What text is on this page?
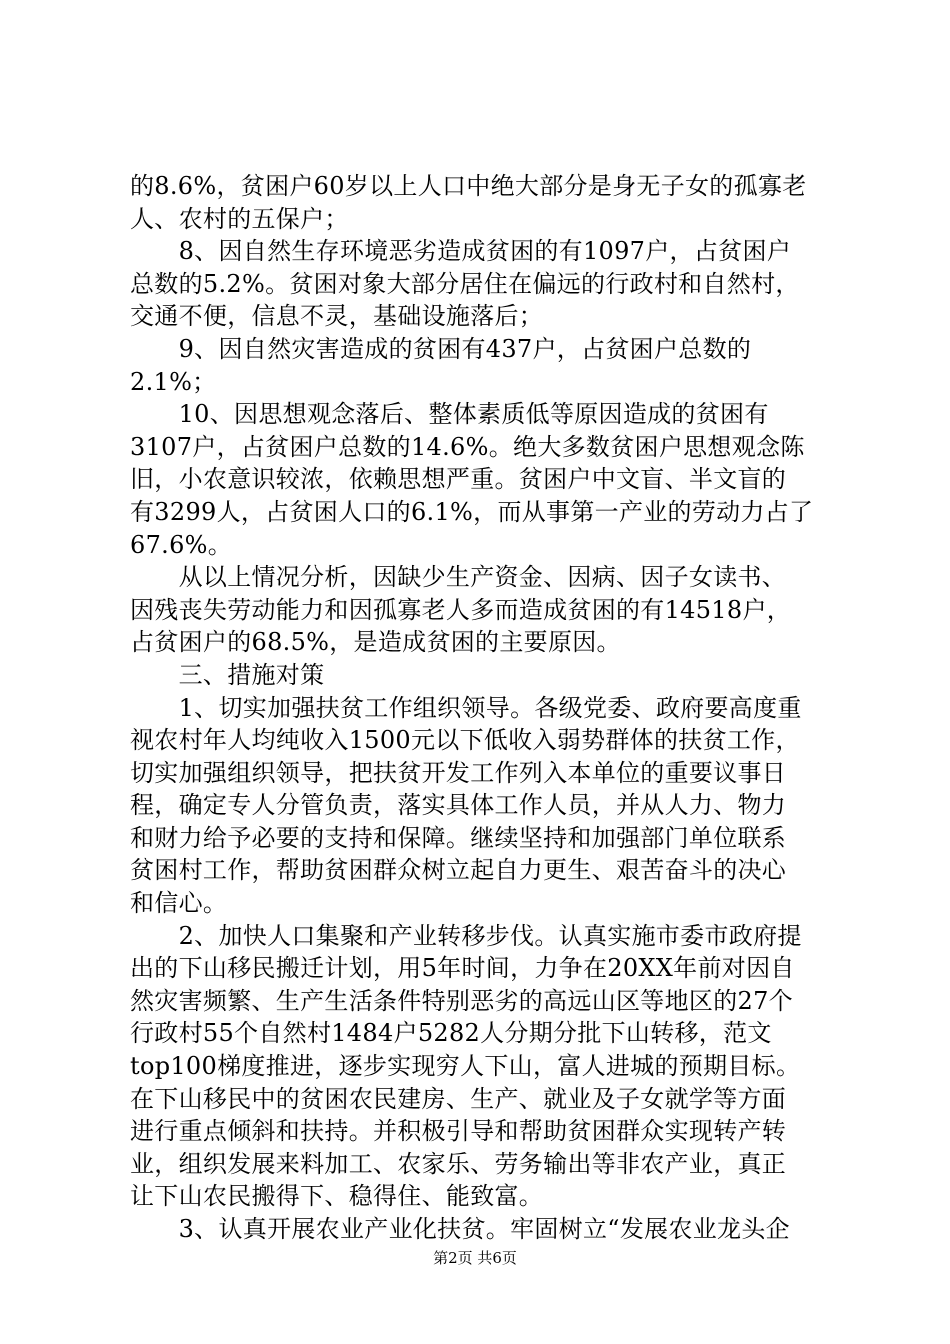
的8.6%，贫困户60岁以上人口中绝大部分是身无子女的孤寡老
人、农村的五保户；
　　8、因自然生存环境恶劣造成贫困的有1097户，占贫困户
总数的5.2%。贫困对象大部分居住在偏远的行政村和自然村，
交通不便，信息不灵，基础设施落后；
　　9、因自然灾害造成的贫困有437户，占贫困户总数的
2.1%；
　　10、因思想观念落后、整体素质低等原因造成的贫困有
3107户，占贫困户总数的14.6%。绝大多数贫困户思想观念陈
旧，小农意识较浓，依赖思想严重。贫困户中文盲、半文盲的
有3299人，占贫困人口的6.1%，而从事第一产业的劳动力占了
67.6%。
　　从以上情况分析，因缺少生产资金、因病、因子女读书、
因残丧失劳动能力和因孤寡老人多而造成贫困的有14518户，
占贫困户的68.5%，是造成贫困的主要原因。
　　三、措施对策
　　1、切实加强扶贫工作组织领导。各级党委、政府要高度重
视农村年人均纯收入1500元以下低收入弱势群体的扶贫工作，
切实加强组织领导，把扶贫开发工作列入本单位的重要议事日
程，确定专人分管负责，落实具体工作人员，并从人力、物力
和财力给予必要的支持和保障。继续坚持和加强部门单位联系
贫困村工作，帮助贫困群众树立起自力更生、艰苦奋斗的决心
和信心。
　　2、加快人口集聚和产业转移步伐。认真实施市委市政府提
出的下山移民搬迁计划，用5年时间，力争在20XX年前对因自
然灾害频繁、生产生活条件特别恶劣的高远山区等地区的27个
行政村55个自然村1484户5282人分期分批下山转移，范文
top100梯度推进，逐步实现穷人下山，富人进城的预期目标。
在下山移民中的贫困农民建房、生产、就业及子女就学等方面
进行重点倾斜和扶持。并积极引导和帮助贫困群众实现转产转
业，组织发展来料加工、农家乐、劳务输出等非农产业，真正
让下山农民搬得下、稳得住、能致富。
　　3、认真开展农业产业化扶贫。牢固树立“发展农业龙头企
第2页 共6页
